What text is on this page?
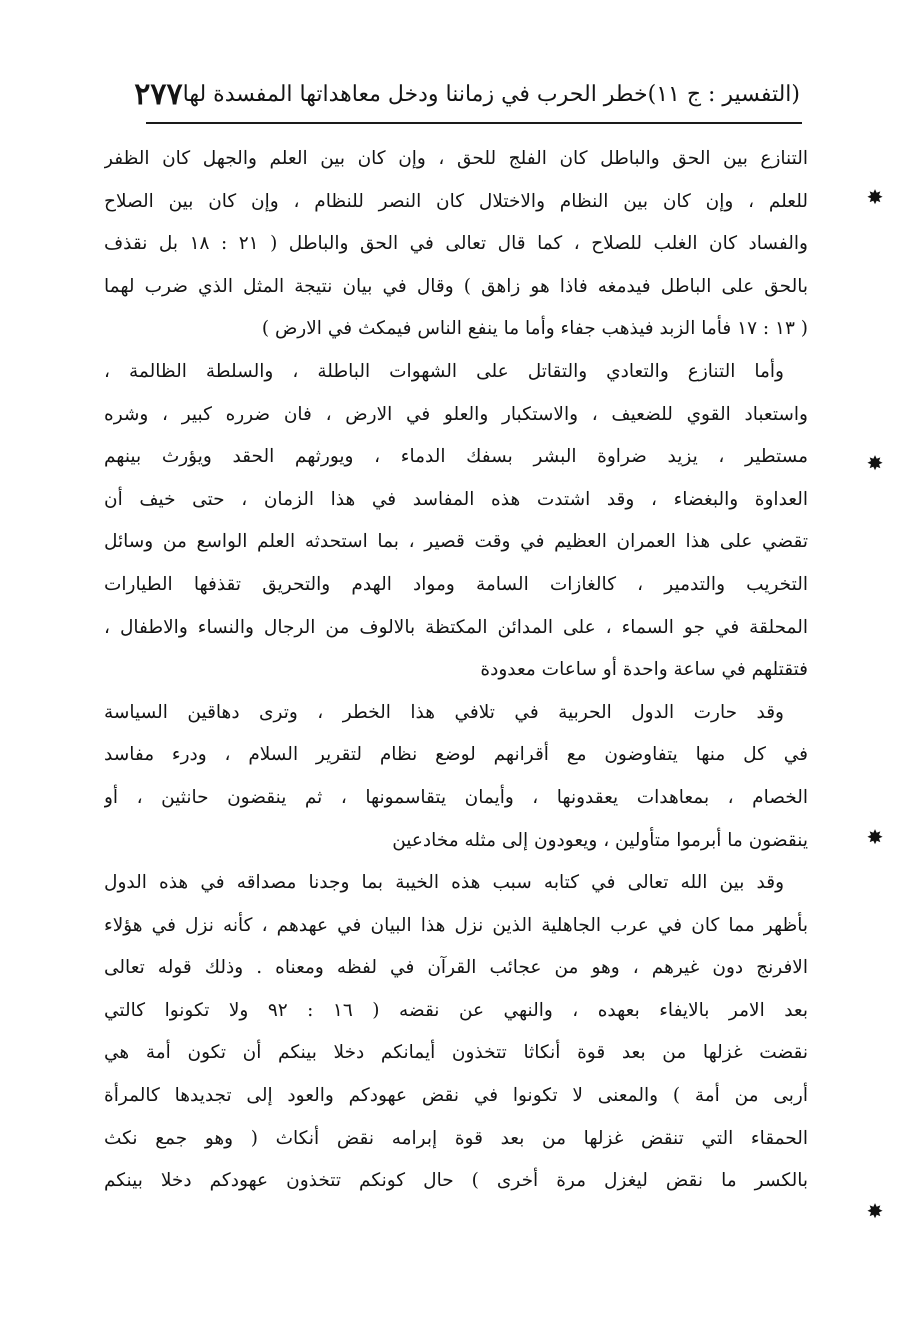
(التفسير : ج ١١)
خطر الحرب في زماننا ودخل معاهداتها المفسدة لها
٢٧٧
التنازع بين الحق والباطل كان الفلج للحق ، وإن كان بين العلم والجهل كان الظفر
للعلم ، وإن كان بين النظام والاختلال كان النصر للنظام ، وإن كان بين الصلاح
والفساد كان الغلب للصلاح ، كما قال تعالى في الحق والباطل ( ٢١ : ١٨ بل نقذف
بالحق على الباطل فيدمغه فاذا هو زاهق ) وقال في بيان نتيجة المثل الذي ضرب لهما
( ١٣ : ١٧ فأما الزبد فيذهب جفاء وأما ما ينفع الناس فيمكث في الارض )
وأما التنازع والتعادي والتقاتل على الشهوات الباطلة ، والسلطة الظالمة ،
واستعباد القوي للضعيف ، والاستكبار والعلو في الارض ، فان ضرره كبير ، وشره
مستطير ، يزيد ضراوة البشر بسفك الدماء ، ويورثهم الحقد ويؤرث بينهم
العداوة والبغضاء ، وقد اشتدت هذه المفاسد في هذا الزمان ، حتى خيف أن
تقضي على هذا العمران العظيم في وقت قصير ، بما استحدثه العلم الواسع من وسائل
التخريب والتدمير ، كالغازات السامة ومواد الهدم والتحريق تقذفها الطيارات
المحلقة في جو السماء ، على المدائن المكتظة بالالوف من الرجال والنساء والاطفال ،
فتقتلهم في ساعة واحدة أو ساعات معدودة
وقد حارت الدول الحربية في تلافي هذا الخطر ، وترى دهاقين السياسة
في كل منها يتفاوضون مع أقرانهم لوضع نظام لتقرير السلام ، ودرء مفاسد
الخصام ، بمعاهدات يعقدونها ، وأيمان يتقاسمونها ، ثم ينقضون حانثين ، أو
ينقضون ما أبرموا متأولين ، ويعودون إلى مثله مخادعين
وقد بين الله تعالى في كتابه سبب هذه الخيبة بما وجدنا مصداقه في هذه الدول
بأظهر مما كان في عرب الجاهلية الذين نزل هذا البيان في عهدهم ، كأنه نزل في هؤلاء
الافرنج دون غيرهم ، وهو من عجائب القرآن في لفظه ومعناه . وذلك قوله تعالى
بعد الامر بالايفاء بعهده ، والنهي عن نقضه ( ١٦ : ٩٢ ولا تكونوا كالتي
نقضت غزلها من بعد قوة أنكاثا تتخذون أيمانكم دخلا بينكم أن تكون أمة هي
أربى من أمة ) والمعنى لا تكونوا في نقض عهودكم والعود إلى تجديدها كالمرأة
الحمقاء التي تنقض غزلها من بعد قوة إبرامه نقض أنكاث ( وهو جمع نكث
بالكسر ما نقض ليغزل مرة أخرى ) حال كونكم تتخذون عهودكم دخلا بينكم
✸
✸
✸
✸
